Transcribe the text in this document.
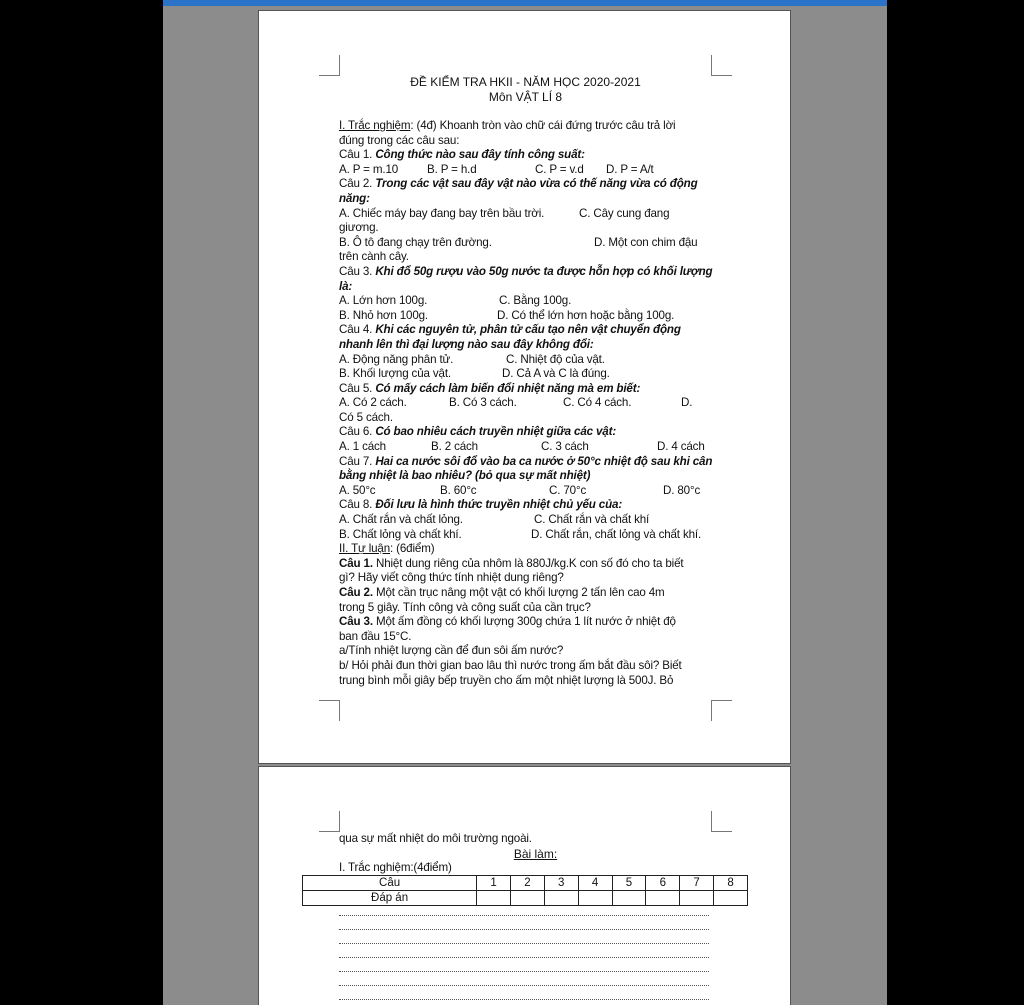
ĐỀ KIỂM TRA HKII - NĂM HỌC 2020-2021
Môn VẬT LÍ 8
I. Trắc nghiệm: (4đ) Khoanh tròn vào chữ cái đứng trước câu trả lời
đúng trong các câu sau:
Câu 1. Công thức nào sau đây tính công suất:
A. P = m.10 B. P = h.d	C. P = v.d D. P = A/t
Câu 2. Trong các vật sau đây vật nào vừa có thế năng vừa có động
năng:
A. Chiếc máy bay đang bay trên bầu trời.	C. Cây cung đang
giương.
B. Ô tô đang chạy trên đường.	D. Một con chim đậu
trên cành cây.
Câu 3. Khi đổ 50g rượu vào 50g nước ta được hỗn hợp có khối lượng
là:
A. Lớn hơn 100g.	C. Bằng 100g.
B. Nhỏ hơn 100g.	D. Có thể lớn hơn hoặc bằng 100g.
Câu 4. Khi các nguyên tử, phân tử cấu tạo nên vật chuyển động
nhanh lên thì đại lượng nào sau đây không đổi:
A. Động năng phân tử.	C. Nhiệt độ của vật.
B. Khối lượng của vật.	D. Cả A và C là đúng.
Câu 5. Có mấy cách làm biến đổi nhiệt năng mà em biết:
A. Có 2 cách.	B. Có 3 cách.	C. Có 4 cách.	D.
Có 5 cách.
Câu 6. Có bao nhiêu cách truyền nhiệt giữa các vật:
A. 1 cách	B. 2 cách	C. 3 cách	D. 4 cách
Câu 7. Hai ca nước sôi đổ vào ba ca nước ở 50°c nhiệt độ sau khi cân
bằng nhiệt là bao nhiêu? (bỏ qua sự mất nhiệt)
A. 50°c	B. 60°c	C. 70°c	D. 80°c
Câu 8. Đối lưu là hình thức truyền nhiệt chủ yếu của:
A. Chất rắn và chất lỏng.	C. Chất rắn và chất khí
B. Chất lỏng và chất khí.	D. Chất rắn, chất lỏng và chất khí.
II. Tự luận: (6điểm)
Câu 1. Nhiệt dung riêng của nhôm là 880J/kg.K con số đó cho ta biết
gì? Hãy viết công thức tính nhiệt dung riêng?
Câu 2. Một cần trục nâng một vật có khối lượng 2 tấn lên cao 4m
trong 5 giây. Tính công và công suất của cần trục?
Câu 3. Một ấm đồng có khối lượng 300g chứa 1 lít nước ở nhiệt độ
ban đầu 15°C.
a/Tính nhiệt lượng cần để đun sôi ấm nước?
b/ Hỏi phải đun thời gian bao lâu thì nước trong ấm bắt đầu sôi? Biết
trung bình mỗi giây bếp truyền cho ấm một nhiệt lượng là 500J. Bỏ
qua sự mất nhiệt do môi trường ngoài.
Bài làm:
I. Trắc nghiệm:(4điểm)
Câu	1	2	3	4	5	6	7	8
Đáp án								
